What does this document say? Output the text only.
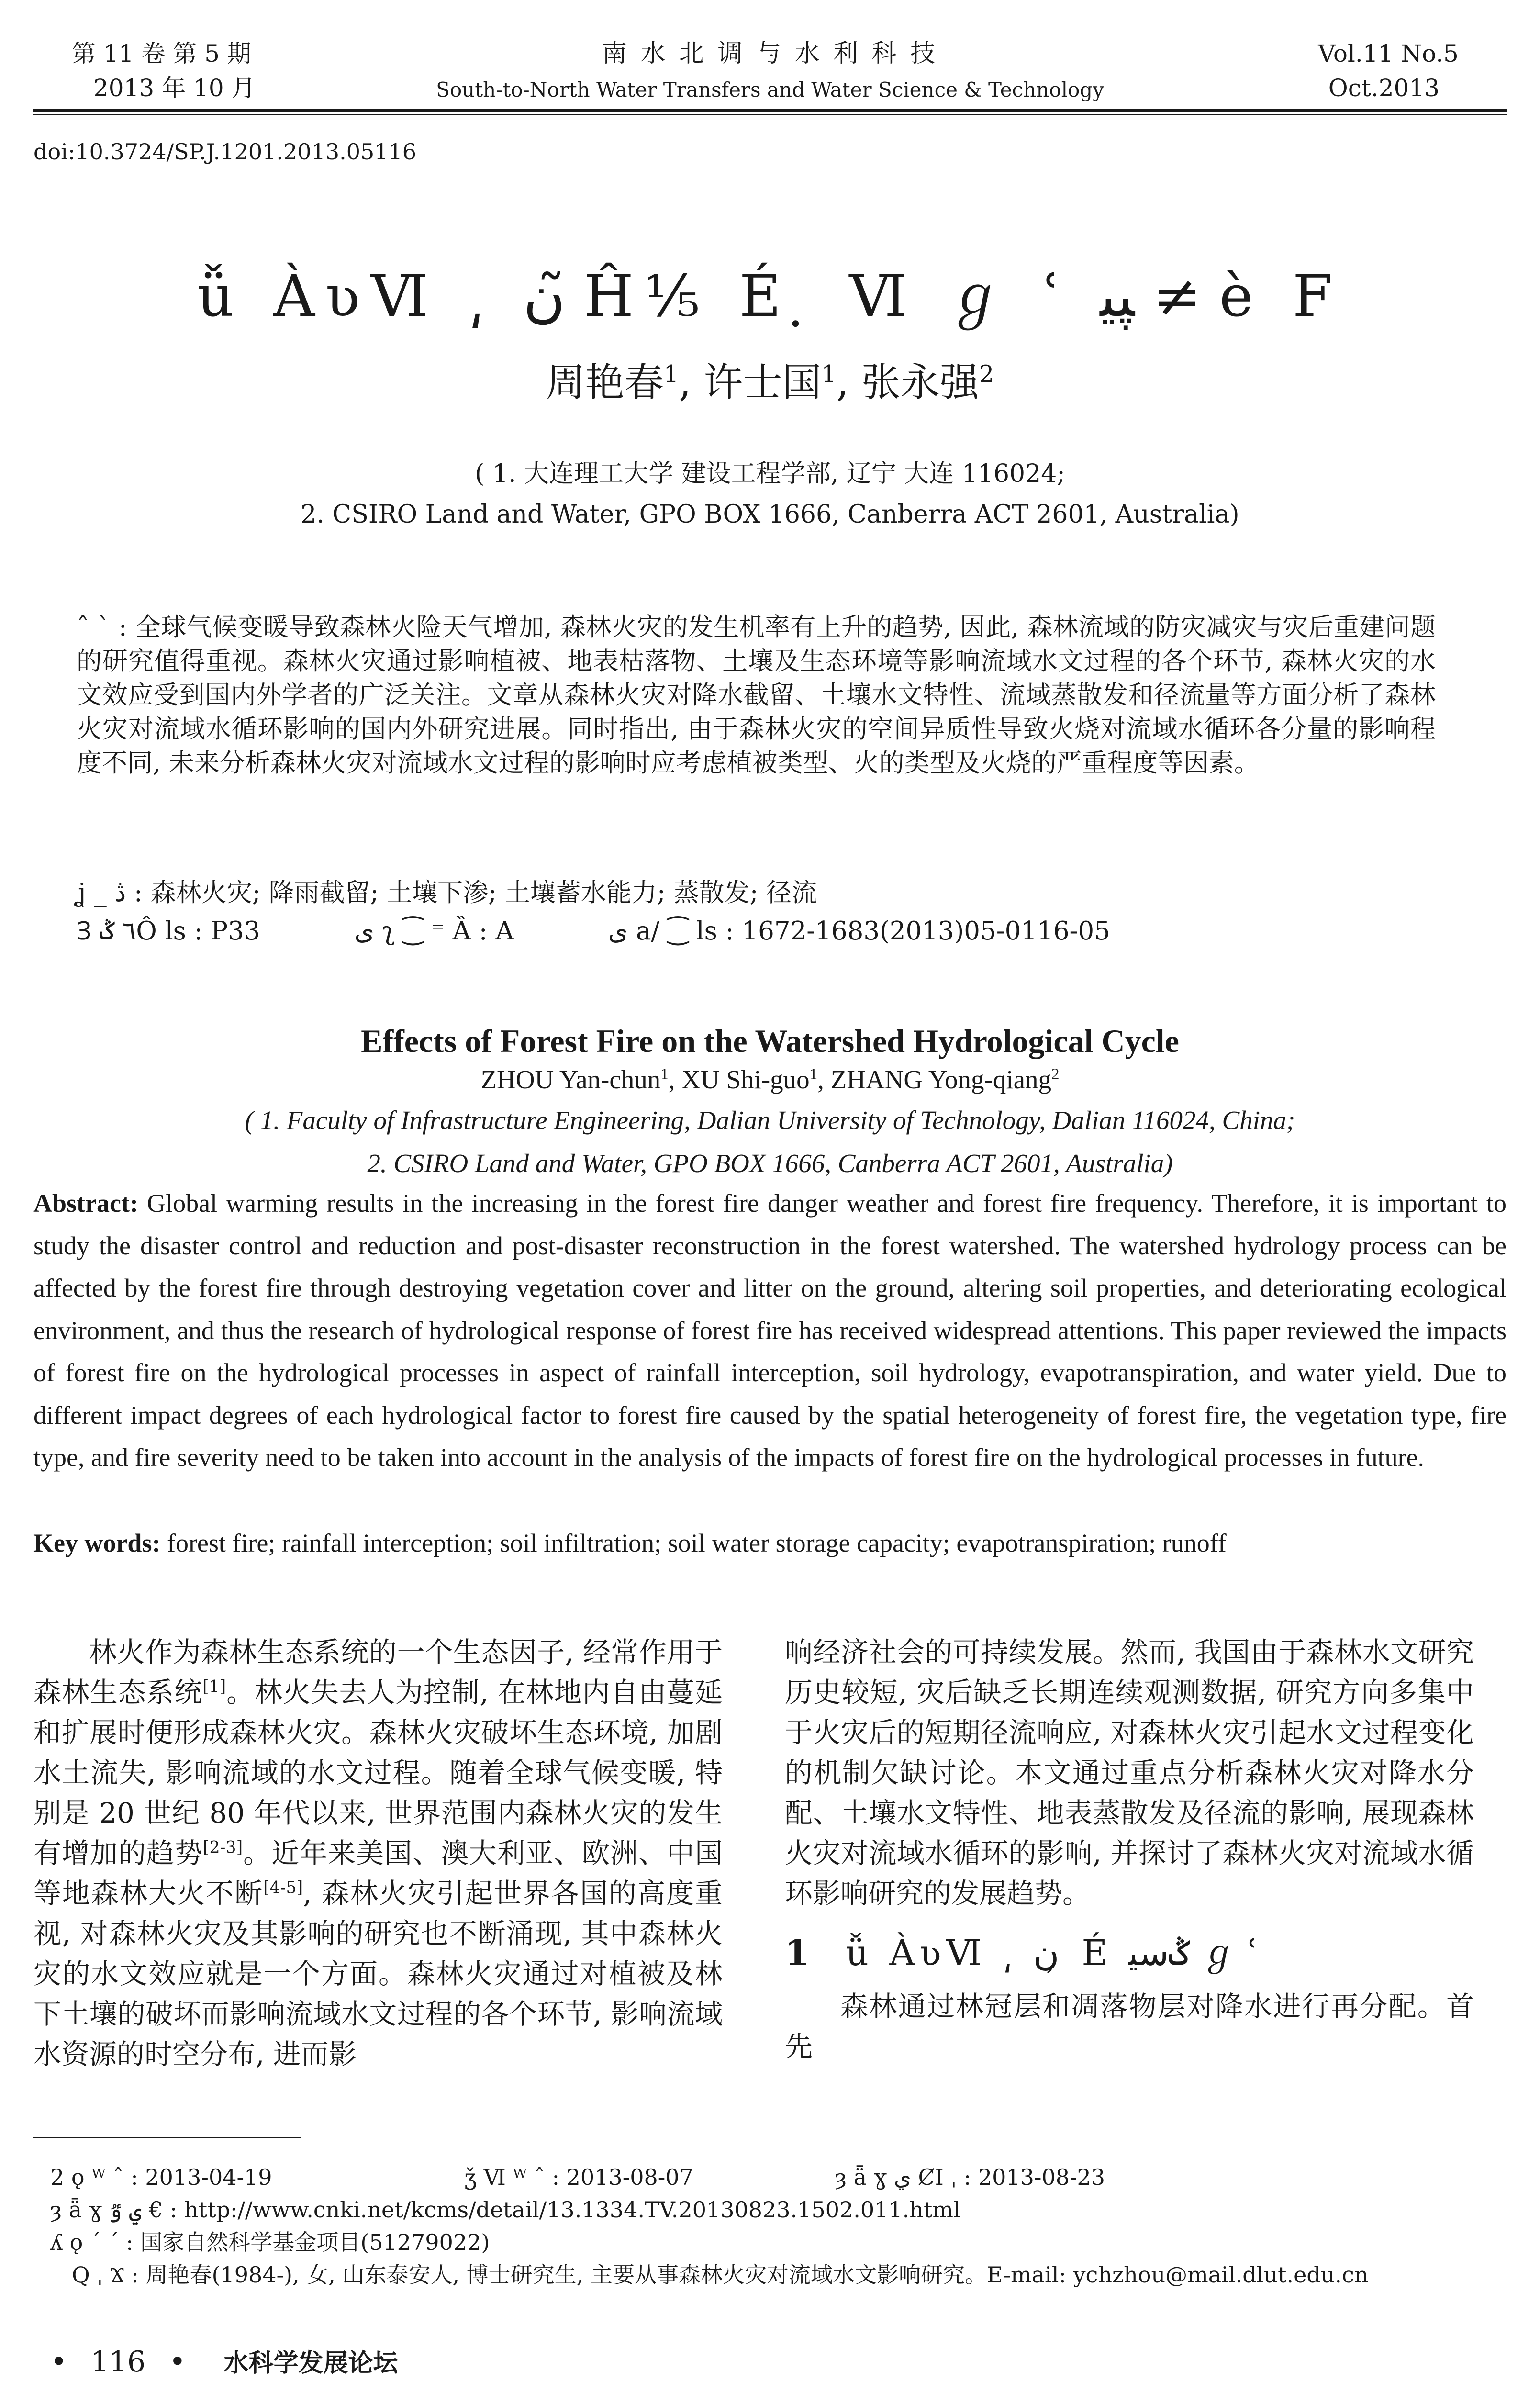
第 11 卷 第 5 期
2013 年 10 月
南 水 北 调 与 水 利 科 技
South-to-North Water Transfers and Water Science & Technology
Vol.11 No.5
Oct.2013
doi:10.3724/SP.J.1201.2013.05116
ǚ ÀʋⅥ ͵ ن ̃Ĥ⅕ É ̣ Ⅵ ℊ ʿ ﭙﯿ ≠ è F
周艳春$^1$, 许士国$^1$, 张永强$^2$
( 1. 大连理工大学 建设工程学部, 辽宁 大连 116024;
2. CSIRO Land and Water, GPO BOX 1666, Canberra ACT 2601, Australia)
ˆ ˋ : 全球气候变暖导致森林火险天气增加, 森林火灾的发生机率有上升的趋势, 因此, 森林流域的防灾减灾与灾后重建问题的研究值得重视。森林火灾通过影响植被、地表枯落物、土壤及生态环境等影响流域水文过程的各个环节, 森林火灾的水文效应受到国内外学者的广泛关注。文章从森林火灾对降水截留、土壤水文特性、流域蒸散发和径流量等方面分析了森林火灾对流域水循环影响的国内外研究进展。同时指出, 由于森林火灾的空间异质性导致火烧对流域水循环各分量的影响程度不同, 未来分析森林火灾对流域水文过程的影响时应考虑植被类型、火的类型及火烧的严重程度等因素。
ʝ _ ڎ : 森林火灾; 降雨截留; 土壤下渗; 土壤蓄水能力; 蒸散发; 径流
Ɜ ٦ ݣÔ ls : P33	ی ʅ ⁐ ⁼ Ȁ : A	ی a/ ⁐ ls : 1672-1683(2013)05-0116-05
Effects of Forest Fire on the Watershed Hydrological Cycle
ZHOU Yan-chun$^1$, XU Shi-guo$^1$, ZHANG Yong-qiang$^2$
( 1. Faculty of Infrastructure Engineering, Dalian University of Technology, Dalian 116024, China;
2. CSIRO Land and Water, GPO BOX 1666, Canberra ACT 2601, Australia)
Abstract: Global warming results in the increasing in the forest fire danger weather and forest fire frequency. Therefore, it is important to study the disaster control and reduction and post-disaster reconstruction in the forest watershed. The watershed hydrology process can be affected by the forest fire through destroying vegetation cover and litter on the ground, altering soil properties, and deteriorating ecological environment, and thus the research of hydrological response of forest fire has received widespread attentions. This paper reviewed the impacts of forest fire on the hydrological processes in aspect of rainfall interception, soil hydrology, evapotranspiration, and water yield. Due to different impact degrees of each hydrological factor to forest fire caused by the spatial heterogeneity of forest fire, the vegetation type, fire type, and fire severity need to be taken into account in the analysis of the impacts of forest fire on the hydrological processes in future.
Key words: forest fire; rainfall interception; soil infiltration; soil water storage capacity; evapotranspiration; runoff

林火作为森林生态系统的一个生态因子, 经常作用于森林生态系统[1]。林火失去人为控制, 在林地内自由蔓延和扩展时便形成森林火灾。森林火灾破坏生态环境, 加剧水土流失, 影响流域的水文过程。随着全球气候变暖, 特别是 20 世纪 80 年代以来, 世界范围内森林火灾的发生有增加的趋势[2-3]。近年来美国、澳大利亚、欧洲、中国等地森林大火不断[4-5], 森林火灾引起世界各国的高度重视, 对森林火灾及其影响的研究也不断涌现, 其中森林火灾的水文效应就是一个方面。森林火灾通过对植被及林下土壤的破坏而影响流域水文过程的各个环节, 影响流域水资源的时空分布, 进而影

响经济社会的可持续发展。然而, 我国由于森林水文研究历史较短, 灾后缺乏长期连续观测数据, 研究方向多集中于火灾后的短期径流响应, 对森林火灾引起水文过程变化的机制欠缺讨论。本文通过重点分析森林火灾对降水分配、土壤水文特性、地表蒸散发及径流的影响, 展现森林火灾对流域水循环的影响, 并探讨了森林火灾对流域水循环影响研究的发展趋势。

1 ǚ ÀʋⅥ ͵ ن ̦ É ݣﺳﯿ ℊ ʿ

森林通过林冠层和凋落物层对降水进行再分配。首先

2 ǫ ᵂ ˆ : 2013-04-19	ǯ Ⅵ ᵂ ˆ : 2013-08-07	ȝ ǟ ɣ ي ȻI ˌ : 2013-08-23
ȝ ǟ ɣ ي ٷ € : http://www.cnki.net/kcms/detail/13.1334.TV.20130823.1502.011.html
ʎ ǫ ˊ ˊ : 国家自然科学基金项目(51279022)
Q ˌ Ϫ : 周艳春(1984-), 女, 山东泰安人, 博士研究生, 主要从事森林火灾对流域水文影响研究。E-mail: ychzhou@mail.dlut.edu.cn
• 116 • 水科学发展论坛
